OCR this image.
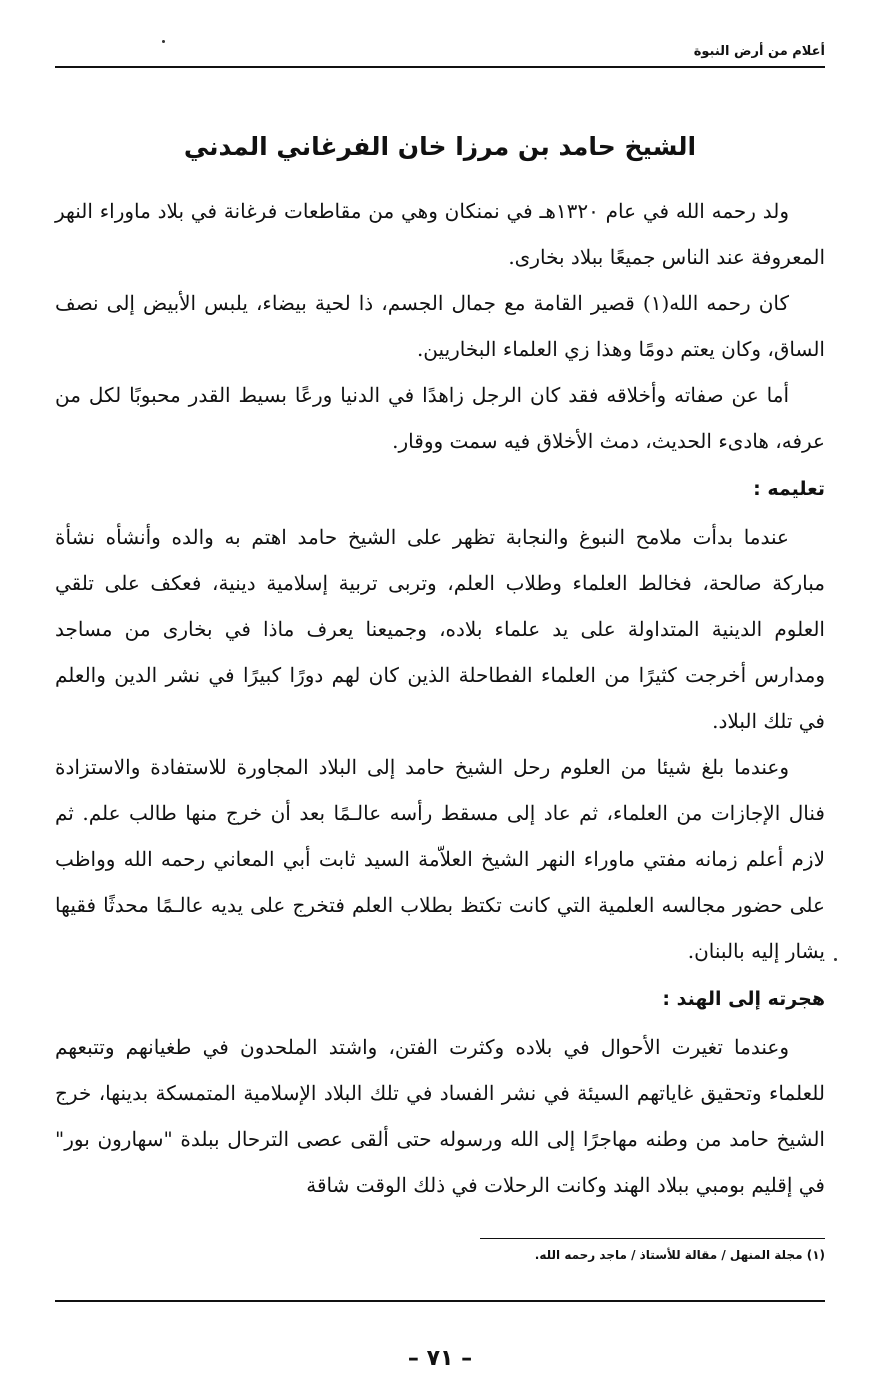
أعلام من أرض النبوة
الشيخ حامد بن مرزا خان الفرغاني المدني

ولد رحمه الله في عام ١٣٢٠هـ في نمنكان وهي من مقاطعات فرغانة في بلاد ماوراء النهر المعروفة عند الناس جميعًا ببلاد بخارى.

كان رحمه الله(١) قصير القامة مع جمال الجسم، ذا لحية بيضاء، يلبس الأبيض إلى نصف الساق، وكان يعتم دومًا وهذا زي العلماء البخاريين.

أما عن صفاته وأخلاقه فقد كان الرجل زاهدًا في الدنيا ورعًا بسيط القدر محبوبًا لكل من عرفه، هادىء الحديث، دمث الأخلاق فيه سمت ووقار.

تعليمه :

عندما بدأت ملامح النبوغ والنجابة تظهر على الشيخ حامد اهتم به والده وأنشأه نشأة مباركة صالحة، فخالط العلماء وطلاب العلم، وتربى تربية إسلامية دينية، فعكف على تلقي العلوم الدينية المتداولة على يد علماء بلاده، وجميعنا يعرف ماذا في بخارى من مساجد ومدارس أخرجت كثيرًا من العلماء الفطاحلة الذين كان لهم دورًا كبيرًا في نشر الدين والعلم في تلك البلاد.

وعندما بلغ شيئا من العلوم رحل الشيخ حامد إلى البلاد المجاورة للاستفادة والاستزادة فنال الإجازات من العلماء، ثم عاد إلى مسقط رأسه عالـمًا بعد أن خرج منها طالب علم. ثم لازم أعلم زمانه مفتي ماوراء النهر الشيخ العلاّمة السيد ثابت أبي المعاني رحمه الله وواظب على حضور مجالسه العلمية التي كانت تكتظ بطلاب العلم فتخرج على يديه عالـمًا محدثًا فقيها يشار إليه بالبنان.

هجرته إلى الهند :

وعندما تغيرت الأحوال في بلاده وكثرت الفتن، واشتد الملحدون في طغيانهم وتتبعهم للعلماء وتحقيق غاياتهم السيئة في نشر الفساد في تلك البلاد الإسلامية المتمسكة بدينها، خرج الشيخ حامد من وطنه مهاجرًا إلى الله ورسوله حتى ألقى عصى الترحال ببلدة "سهارون بور" في إقليم بومبي ببلاد الهند وكانت الرحلات في ذلك الوقت شاقة

(١) مجلة المنهل / مقالة للأستاذ / ماجد رحمه الله.
– ٧١ –
